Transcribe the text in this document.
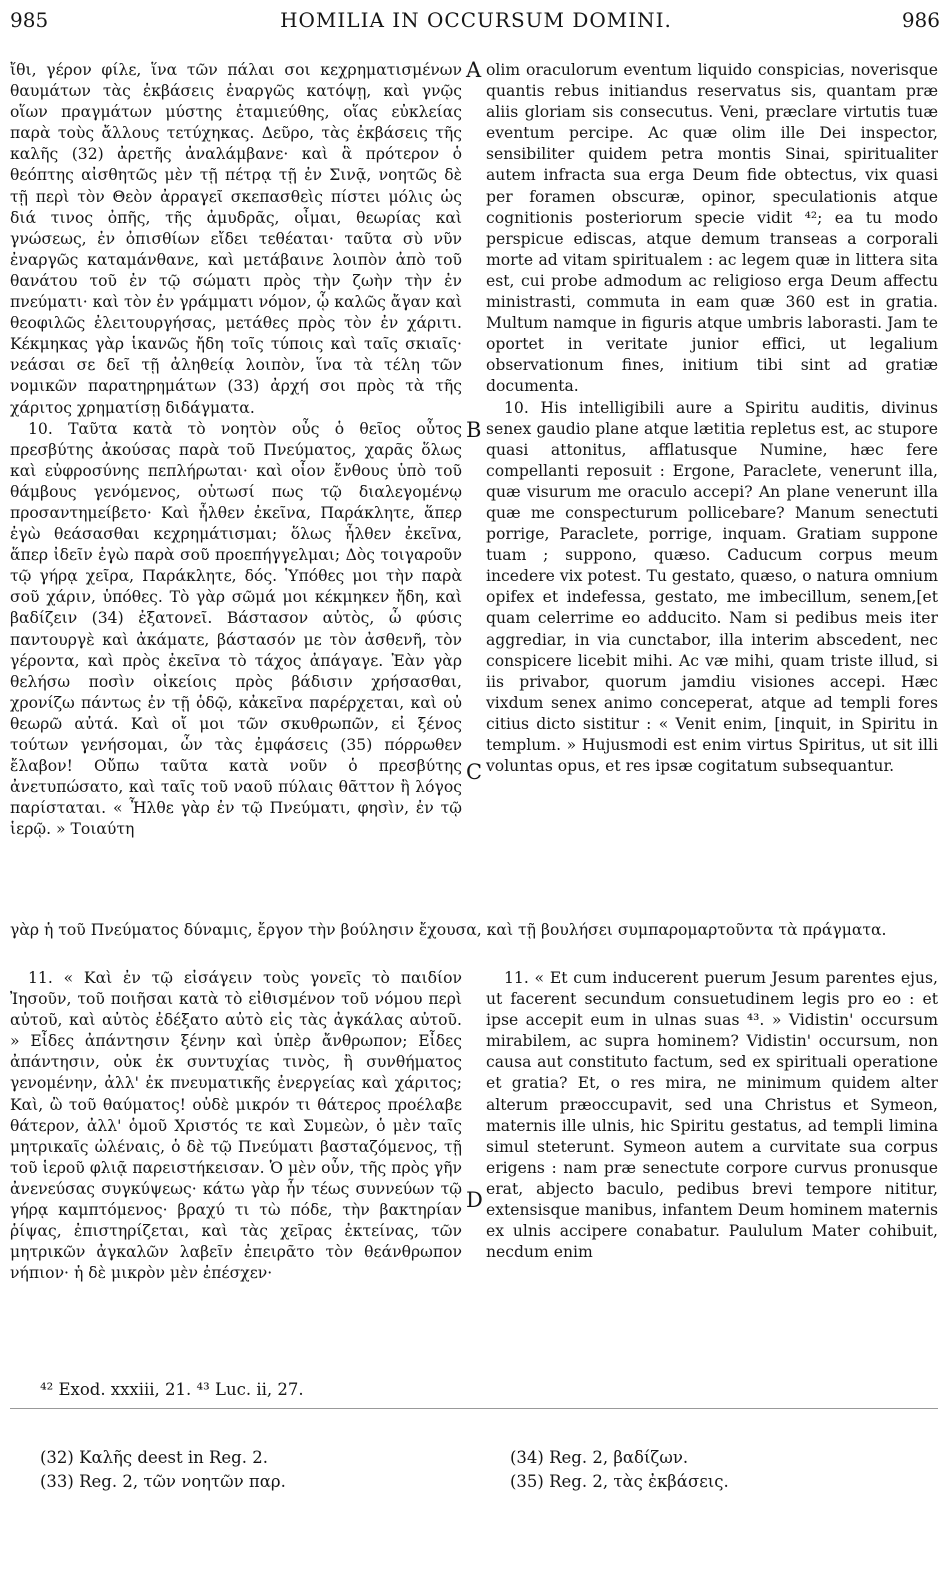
985	HOMILIA IN OCCURSUM DOMINI.	986

ἴθι, γέρον φίλε, ἵνα τῶν πάλαι σοι κεχρηματισμένων θαυμάτων τὰς ἐκβάσεις ἐναργῶς κατόψῃ, καὶ γνῷς οἵων πραγμάτων μύστης ἐταμιεύθης, οἵας εὐκλείας παρὰ τοὺς ἄλλους τετύχηκας. Δεῦρο, τὰς ἐκβάσεις τῆς καλῆς (32) ἀρετῆς ἀναλάμβανε· καὶ ἃ πρότερον ὁ θεόπτης αἰσθητῶς μὲν τῇ πέτρᾳ τῇ ἐν Σινᾷ, νοητῶς δὲ τῇ περὶ τὸν Θεὸν ἀρραγεῖ σκεπασθεὶς πίστει μόλις ὡς διά τινος ὀπῆς, τῆς ἀμυδρᾶς, οἶμαι, θεωρίας καὶ γνώσεως, ἐν ὀπισθίων εἴδει τεθέαται· ταῦτα σὺ νῦν ἐναργῶς καταμάνθανε, καὶ μετάβαινε λοιπὸν ἀπὸ τοῦ θανάτου τοῦ ἐν τῷ σώματι πρὸς τὴν ζωὴν τὴν ἐν πνεύματι· καὶ τὸν ἐν γράμματι νόμον, ᾧ καλῶς ἄγαν καὶ θεοφιλῶς ἐλειτουργήσας, μετάθες πρὸς τὸν ἐν χάριτι. Κέκμηκας γὰρ ἱκανῶς ἤδη τοῖς τύποις καὶ ταῖς σκιαῖς· νεάσαι σε δεῖ τῇ ἀληθείᾳ λοιπὸν, ἵνα τὰ τέλη τῶν νομικῶν παρατηρημάτων (33) ἀρχή σοι πρὸς τὰ τῆς χάριτος χρηματίσῃ διδάγματα.

10. Ταῦτα κατὰ τὸ νοητὸν οὖς ὁ θεῖος οὗτος πρεσβύτης ἀκούσας παρὰ τοῦ Πνεύματος, χαρᾶς ὅλως καὶ εὐφροσύνης πεπλήρωται· καὶ οἷον ἔνθους ὑπὸ τοῦ θάμβους γενόμενος, οὑτωσί πως τῷ διαλεγομένῳ προσαντημείβετο· Καὶ ἦλθεν ἐκεῖνα, Παράκλητε, ἅπερ ἐγὼ θεάσασθαι κεχρημάτισμαι; ὅλως ἦλθεν ἐκεῖνα, ἅπερ ἰδεῖν ἐγὼ παρὰ σοῦ προεπήγγελμαι; Δὸς τοιγαροῦν τῷ γήρᾳ χεῖρα, Παράκλητε, δός. Ὑπόθες μοι τὴν παρὰ σοῦ χάριν, ὑπόθες. Τὸ γὰρ σῶμά μοι κέκμηκεν ἤδη, καὶ βαδίζειν (34) ἐξατονεῖ. Βάστασον αὐτὸς, ὦ φύσις παντουργὲ καὶ ἀκάματε, βάστασόν με τὸν ἀσθενῆ, τὸν γέροντα, καὶ πρὸς ἐκεῖνα τὸ τάχος ἀπάγαγε. Ἐὰν γὰρ θελήσω ποσὶν οἰκείοις πρὸς βάδισιν χρήσασθαι, χρονίζω πάντως ἐν τῇ ὁδῷ, κἀκεῖνα παρέρχεται, καὶ οὐ θεωρῶ αὐτά. Καὶ οἴ μοι τῶν σκυθρωπῶν, εἰ ξένος τούτων γενήσομαι, ὧν τὰς ἐμφάσεις (35) πόρρωθεν ἔλαβον! Οὔπω ταῦτα κατὰ νοῦν ὁ πρεσβύτης ἀνετυπώσατο, καὶ ταῖς τοῦ ναοῦ πύλαις θᾶττον ἢ λόγος παρίσταται. « Ἦλθε γὰρ ἐν τῷ Πνεύματι, φησὶν, ἐν τῷ ἱερῷ. » Τοιαύτη

olim oraculorum eventum liquido conspicias, noverisque quantis rebus initiandus reservatus sis, quantam præ aliis gloriam sis consecutus. Veni, præclare virtutis tuæ eventum percipe. Ac quæ olim ille Dei inspector, sensibiliter quidem petra montis Sinai, spiritualiter autem infracta sua erga Deum fide obtectus, vix quasi per foramen obscuræ, opinor, speculationis atque cognitionis posteriorum specie vidit ⁴²; ea tu modo perspicue ediscas, atque demum transeas a corporali morte ad vitam spiritualem : ac legem quæ in littera sita est, cui probe admodum ac religioso erga Deum affectu ministrasti, commuta in eam quæ 360 est in gratia. Multum namque in figuris atque umbris laborasti. Jam te oportet in veritate junior effici, ut legalium observationum fines, initium tibi sint ad gratiæ documenta.

10. His intelligibili aure a Spiritu auditis, divinus senex gaudio plane atque lætitia repletus est, ac stupore quasi attonitus, afflatusque Numine, hæc fere compellanti reposuit : Ergone, Paraclete, venerunt illa, quæ visurum me oraculo accepi? An plane venerunt illa quæ me conspecturum pollicebare? Manum senectuti porrige, Paraclete, porrige, inquam. Gratiam suppone tuam ; suppono, quæso. Caducum corpus meum incedere vix potest. Tu gestato, quæso, o natura omnium opifex et indefessa, gestato, me imbecillum, senem,[et quam celerrime eo adducito. Nam si pedibus meis iter aggrediar, in via cunctabor, illa interim abscedent, nec conspicere licebit mihi. Ac væ mihi, quam triste illud, si iis privabor, quorum jamdiu visiones accepi. Hæc vixdum senex animo conceperat, atque ad templi fores citius dicto sistitur : « Venit enim, [inquit, in Spiritu in templum. » Hujusmodi est enim virtus Spiritus, ut sit illi voluntas opus, et res ipsæ cogitatum subsequantur.

A
B
C
D

γὰρ ἡ τοῦ Πνεύματος δύναμις, ἔργον τὴν βούλησιν ἔχουσα, καὶ τῇ βουλήσει συμπαρομαρτοῦντα τὰ πράγματα.

11. « Καὶ ἐν τῷ εἰσάγειν τοὺς γονεῖς τὸ παιδίον Ἰησοῦν, τοῦ ποιῆσαι κατὰ τὸ εἰθισμένον τοῦ νόμου περὶ αὐτοῦ, καὶ αὐτὸς ἐδέξατο αὐτὸ εἰς τὰς ἀγκάλας αὐτοῦ. » Εἶδες ἀπάντησιν ξένην καὶ ὑπὲρ ἄνθρωπον; Εἶδες ἀπάντησιν, οὐκ ἐκ συντυχίας τινὸς, ἢ συνθήματος γενομένην, ἀλλ' ἐκ πνευματικῆς ἐνεργείας καὶ χάριτος; Καὶ, ὢ τοῦ θαύματος! οὐδὲ μικρόν τι θάτερος προέλαβε θάτερον, ἀλλ' ὁμοῦ Χριστός τε καὶ Συμεὼν, ὁ μὲν ταῖς μητρικαῖς ὠλέναις, ὁ δὲ τῷ Πνεύματι βασταζόμενος, τῇ τοῦ ἱεροῦ φλιᾷ παρειστήκεισαν. Ὁ μὲν οὖν, τῆς πρὸς γῆν ἀνενεύσας συγκύψεως· κάτω γὰρ ἦν τέως συννεύων τῷ γήρᾳ καμπτόμενος· βραχύ τι τὼ πόδε, τὴν βακτηρίαν ῥίψας, ἐπιστηρίζεται, καὶ τὰς χεῖρας ἐκτείνας, τῶν μητρικῶν ἀγκαλῶν λαβεῖν ἐπειρᾶτο τὸν θεάνθρωπον νήπιον· ἡ δὲ μικρὸν μὲν ἐπέσχεν·

11. « Et cum inducerent puerum Jesum parentes ejus, ut facerent secundum consuetudinem legis pro eo : et ipse accepit eum in ulnas suas ⁴³. » Vidistin' occursum mirabilem, ac supra hominem? Vidistin' occursum, non causa aut constituto factum, sed ex spirituali operatione et gratia? Et, o res mira, ne minimum quidem alter alterum præoccupavit, sed una Christus et Symeon, maternis ille ulnis, hic Spiritu gestatus, ad templi limina simul steterunt. Symeon autem a curvitate sua corpus erigens : nam præ senectute corpore curvus pronusque erat, abjecto baculo, pedibus brevi tempore nititur, extensisque manibus, infantem Deum hominem maternis ex ulnis accipere conabatur. Paululum Mater cohibuit, necdum enim

⁴² Exod. xxxiii, 21. ⁴³ Luc. ii, 27.
(32) Καλῆς deest in Reg. 2.
(33) Reg. 2, τῶν νοητῶν παρ.
(34) Reg. 2, βαδίζων.
(35) Reg. 2, τὰς ἐκβάσεις.
